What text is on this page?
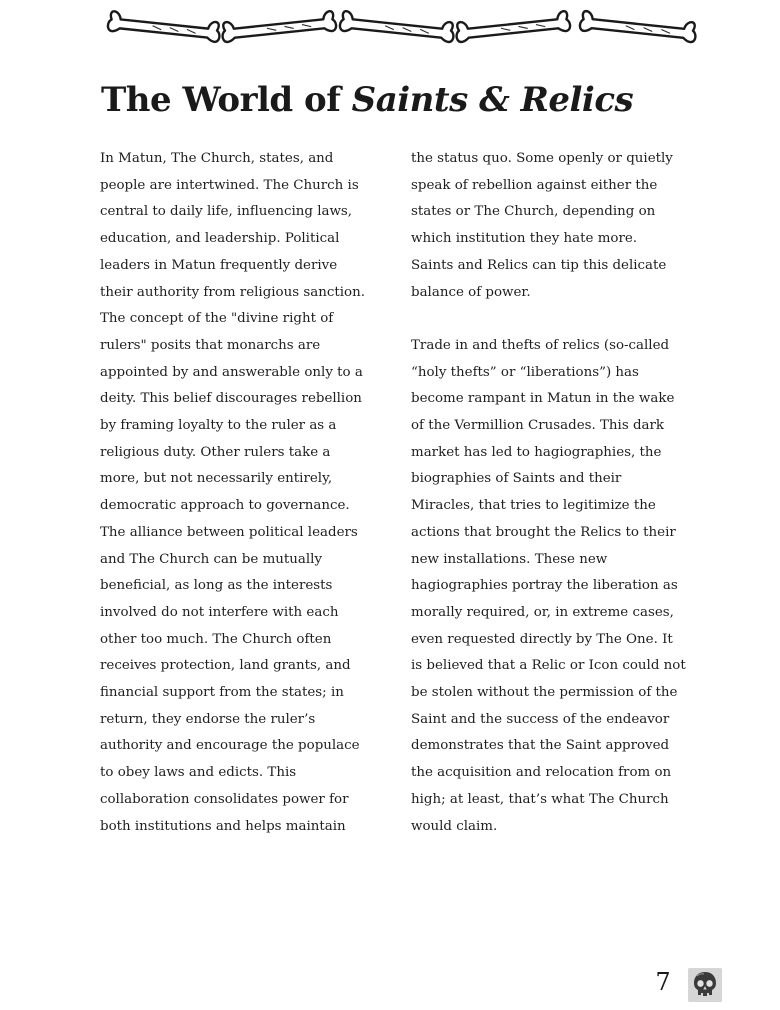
The World of Saints & Relics

In Matun, The Church, states, and
people are intertwined. The Church is
central to daily life, influencing laws,
education, and leadership. Political
leaders in Matun frequently derive
their authority from religious sanction.
The concept of the "divine right of
rulers" posits that monarchs are
appointed by and answerable only to a
deity. This belief discourages rebellion
by framing loyalty to the ruler as a
religious duty. Other rulers take a
more, but not necessarily entirely,
democratic approach to governance.
The alliance between political leaders
and The Church can be mutually
beneficial, as long as the interests
involved do not interfere with each
other too much. The Church often
receives protection, land grants, and
financial support from the states; in
return, they endorse the ruler’s
authority and encourage the populace
to obey laws and edicts. This
collaboration consolidates power for
both institutions and helps maintain

the status quo. Some openly or quietly
speak of rebellion against either the
states or The Church, depending on
which institution they hate more.
Saints and Relics can tip this delicate
balance of power.

Trade in and thefts of relics (so-called
“holy thefts” or “liberations”) has
become rampant in Matun in the wake
of the Vermillion Crusades. This dark
market has led to hagiographies, the
biographies of Saints and their
Miracles, that tries to legitimize the
actions that brought the Relics to their
new installations. These new
hagiographies portray the liberation as
morally required, or, in extreme cases,
even requested directly by The One. It
is believed that a Relic or Icon could not
be stolen without the permission of the
Saint and the success of the endeavor
demonstrates that the Saint approved
the acquisition and relocation from on
high; at least, that’s what The Church
would claim.

7
